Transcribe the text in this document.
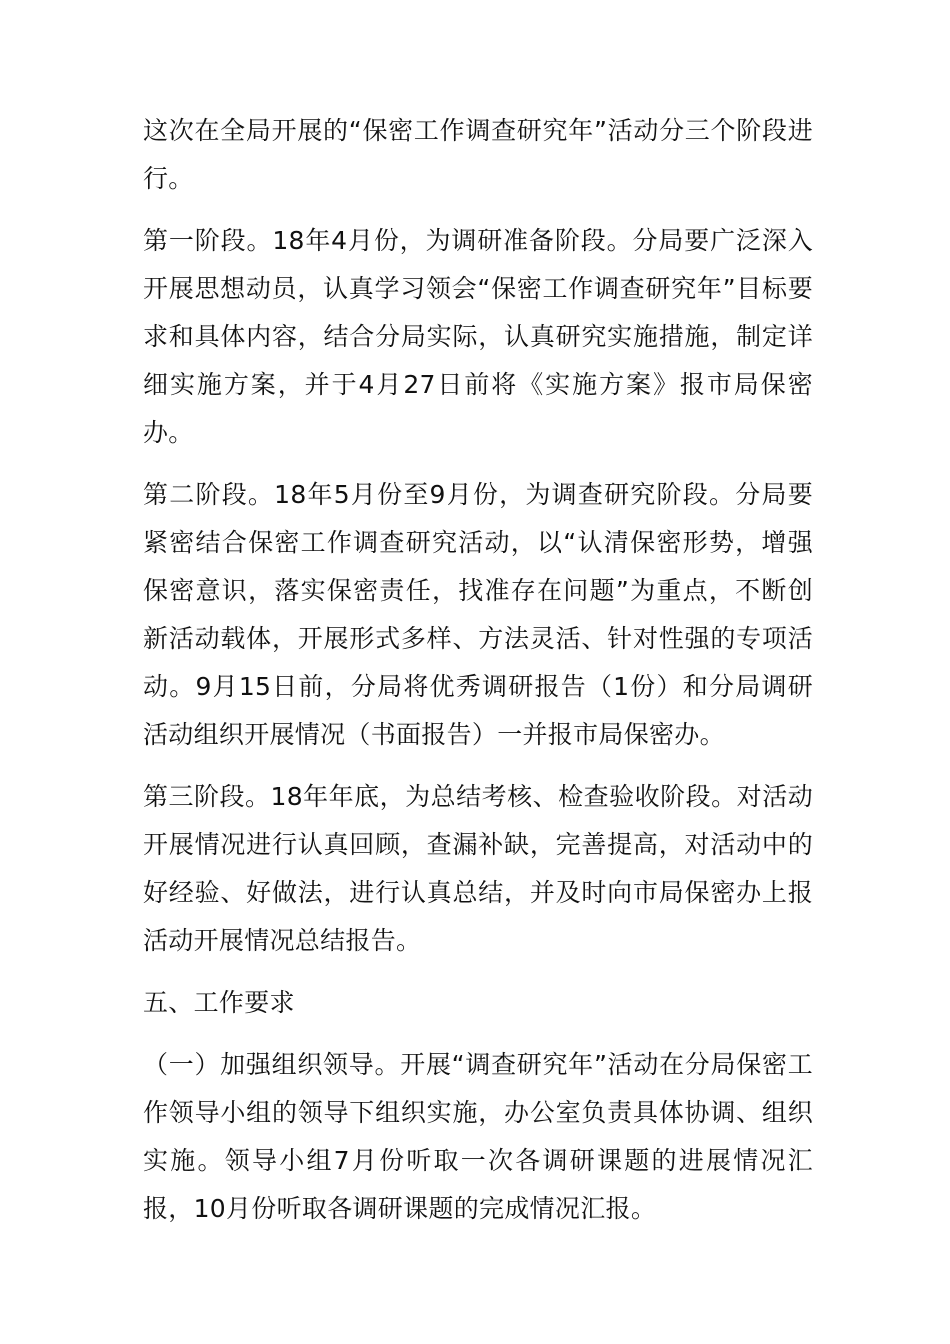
这次在全局开展的“保密工作调查研究年”活动分三个阶段进行。

第一阶段。18年4月份，为调研准备阶段。分局要广泛深入开展思想动员，认真学习领会“保密工作调查研究年”目标要求和具体内容，结合分局实际，认真研究实施措施，制定详细实施方案，并于4月27日前将《实施方案》报市局保密办。

第二阶段。18年5月份至9月份，为调查研究阶段。分局要紧密结合保密工作调查研究活动，以“认清保密形势，增强保密意识，落实保密责任，找准存在问题”为重点，不断创新活动载体，开展形式多样、方法灵活、针对性强的专项活动。9月15日前，分局将优秀调研报告（1份）和分局调研活动组织开展情况（书面报告）一并报市局保密办。

第三阶段。18年年底，为总结考核、检查验收阶段。对活动开展情况进行认真回顾，查漏补缺，完善提高，对活动中的好经验、好做法，进行认真总结，并及时向市局保密办上报活动开展情况总结报告。

五、工作要求

（一）加强组织领导。开展“调查研究年”活动在分局保密工作领导小组的领导下组织实施，办公室负责具体协调、组织实施。领导小组7月份听取一次各调研课题的进展情况汇报，10月份听取各调研课题的完成情况汇报。
